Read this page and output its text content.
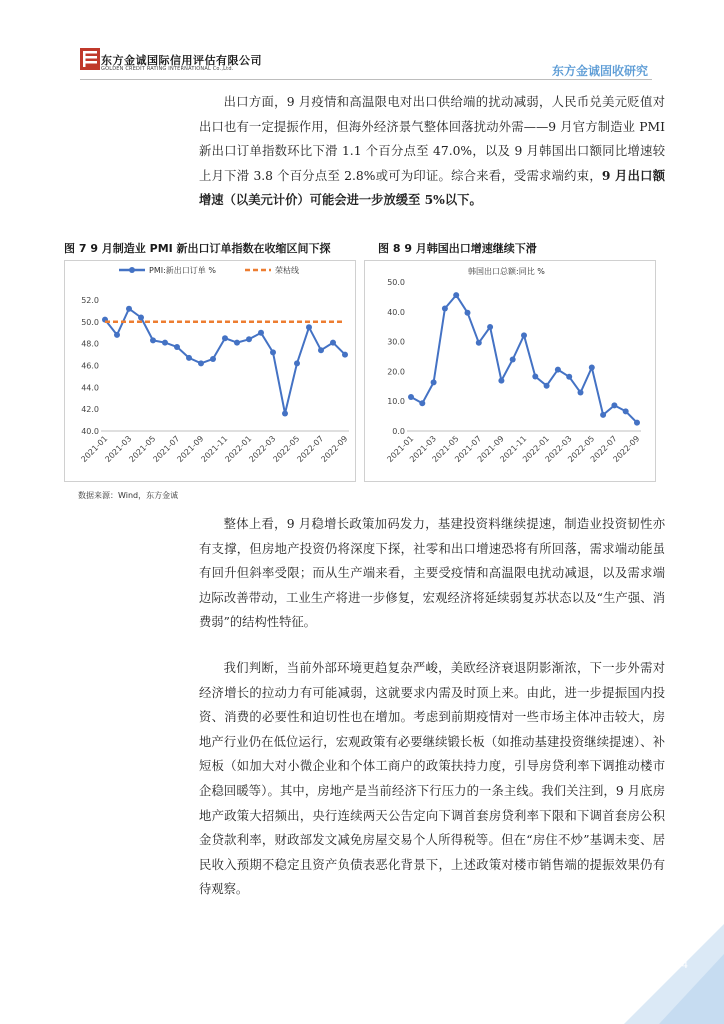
东方金诚国际信用评估有限公司
GOLDEN CREDIT RATING INTERNATIONAL Co.,Ltd.	东方金诚固收研究

出口方面，9 月疫情和高温限电对出口供给端的扰动减弱，人民币兑美元贬值对出口也有一定提振作用，但海外经济景气整体回落扰动外需——9 月官方制造业 PMI 新出口订单指数环比下滑 1.1 个百分点至 47.0%，以及 9 月韩国出口额同比增速较上月下滑 3.8 个百分点至 2.8%或可为印证。综合来看，受需求端约束，9 月出口额增速（以美元计价）可能会进一步放缓至 5%以下。

图 7 9 月制造业 PMI 新出口订单指数在收缩区间下探	图 8 9 月韩国出口增速继续下滑
52.0
50.0
48.0
46.0
44.0
42.0
40.0
2021-01
2021-03
2021-05
2021-07
2021-09
2021-11
2022-01
2022-03
2022-05
2022-07
2022-09
PMI:新出口订单 %	荣枯线
50.0
40.0
30.0
20.0
10.0
0.0
2021-01
2021-03
2021-05
2021-07
2021-09
2021-11
2022-01
2022-03
2022-05
2022-07
2022-09
韩国出口总额:同比 %
数据来源：Wind，东方金诚

整体上看，9 月稳增长政策加码发力，基建投资料继续提速，制造业投资韧性亦有支撑，但房地产投资仍将深度下探，社零和出口增速恐将有所回落，需求端动能虽有回升但斜率受限；而从生产端来看，主要受疫情和高温限电扰动减退，以及需求端边际改善带动，工业生产将进一步修复，宏观经济将延续弱复苏状态以及“生产强、消费弱”的结构性特征。

我们判断，当前外部环境更趋复杂严峻，美欧经济衰退阴影渐浓，下一步外需对经济增长的拉动力有可能减弱，这就要求内需及时顶上来。由此，进一步提振国内投资、消费的必要性和迫切性也在增加。考虑到前期疫情对一些市场主体冲击较大，房地产行业仍在低位运行，宏观政策有必要继续锻长板（如推动基建投资继续提速）、补短板（如加大对小微企业和个体工商户的政策扶持力度，引导房贷利率下调推动楼市企稳回暖等）。其中，房地产是当前经济下行压力的一条主线。我们关注到，9 月底房地产政策大招频出，央行连续两天公告定向下调首套房贷利率下限和下调首套房公积金贷款利率，财政部发文减免房屋交易个人所得税等。但在“房住不炒”基调未变、居民收入预期不稳定且资产负债表恶化背景下，上述政策对楼市销售端的提振效果仍有待观察。

4
